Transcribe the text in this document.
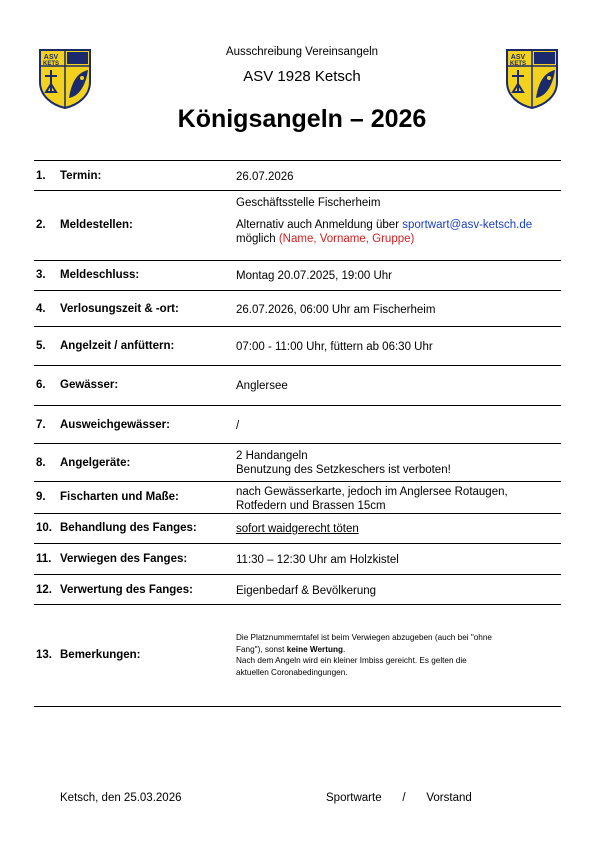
ASV
KETS
ASV
KETS
Ausschreibung Vereinsangeln
ASV 1928 Ketsch
Königsangeln – 2026
1. Termin:	26.07.2026
2. Meldestellen:
Geschäftsstelle Fischerheim
Alternativ auch Anmeldung über sportwart@asv-ketsch.de
möglich (Name, Vorname, Gruppe)
3. Meldeschluss:	Montag 20.07.2025, 19:00 Uhr
4. Verlosungszeit & -ort:	26.07.2026, 06:00 Uhr am Fischerheim
5. Angelzeit / anfüttern:	07:00 - 11:00 Uhr, füttern ab 06:30 Uhr
6. Gewässer:	Anglersee
7. Ausweichgewässer:	/
8. Angelgeräte:
2 Handangeln
Benutzung des Setzkeschers ist verboten!
9. Fischarten und Maße:	nach Gewässerkarte, jedoch im Anglersee Rotaugen,
Rotfedern und Brassen 15cm
10. Behandlung des Fanges:	sofort waidgerecht töten
11. Verwiegen des Fanges:	11:30 – 12:30 Uhr am Holzkistel
12. Verwertung des Fanges:	Eigenbedarf & Bevölkerung
13. Bemerkungen:
Die Platznummerntafel ist beim Verwiegen abzugeben (auch bei "ohne
Fang"), sonst keine Wertung.
Nach dem Angeln wird ein kleiner Imbiss gereicht. Es gelten die
aktuellen Coronabedingungen.
Ketsch, den 25.03.2026	Sportwarte    /    Vorstand
